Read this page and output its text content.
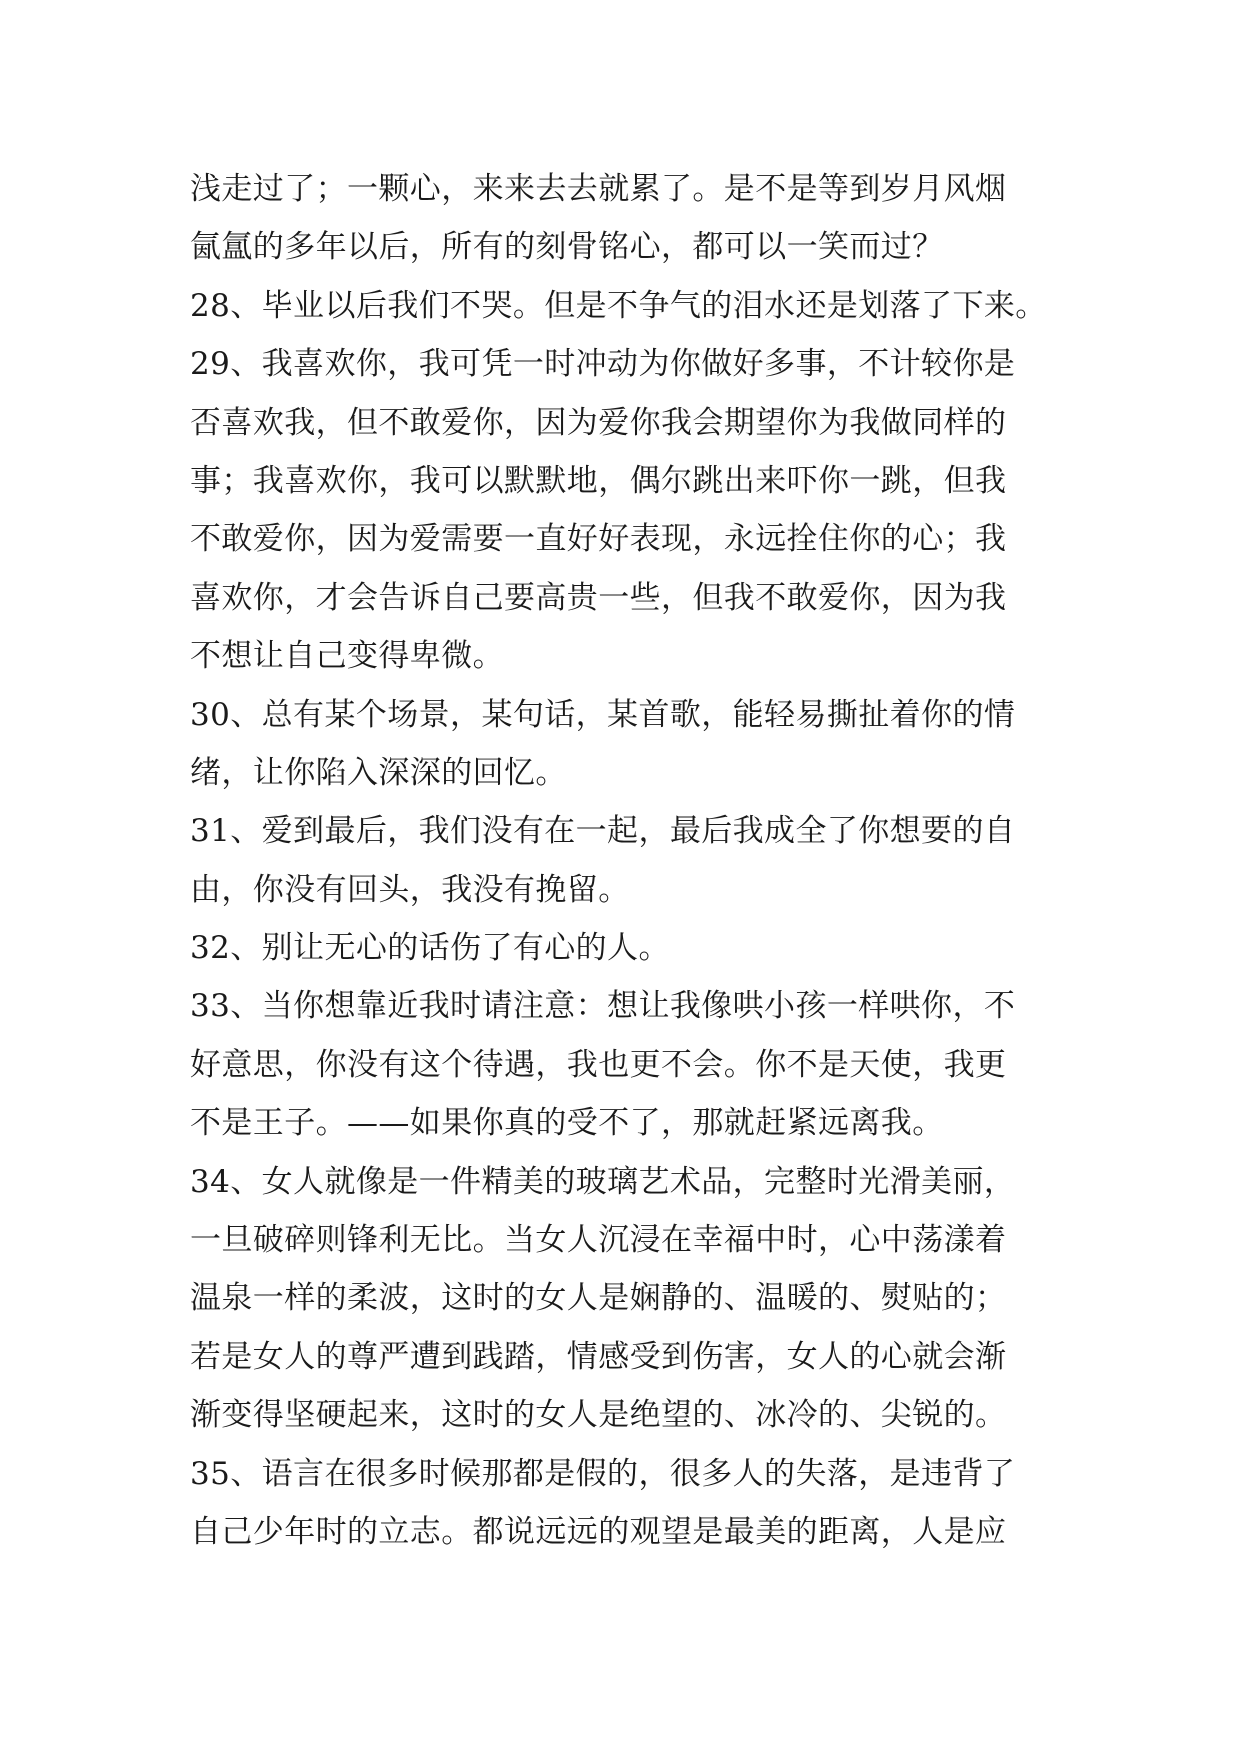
浅走过了；一颗心，来来去去就累了。是不是等到岁月风烟
氤氲的多年以后，所有的刻骨铭心，都可以一笑而过？
28、毕业以后我们不哭。但是不争气的泪水还是划落了下来。
29、我喜欢你，我可凭一时冲动为你做好多事，不计较你是
否喜欢我，但不敢爱你，因为爱你我会期望你为我做同样的
事；我喜欢你，我可以默默地，偶尔跳出来吓你一跳，但我
不敢爱你，因为爱需要一直好好表现，永远拴住你的心；我
喜欢你，才会告诉自己要高贵一些，但我不敢爱你，因为我
不想让自己变得卑微。
30、总有某个场景，某句话，某首歌，能轻易撕扯着你的情
绪，让你陷入深深的回忆。
31、爱到最后，我们没有在一起，最后我成全了你想要的自
由，你没有回头，我没有挽留。
32、别让无心的话伤了有心的人。
33、当你想靠近我时请注意：想让我像哄小孩一样哄你，不
好意思，你没有这个待遇，我也更不会。你不是天使，我更
不是王子。——如果你真的受不了，那就赶紧远离我。
34、女人就像是一件精美的玻璃艺术品，完整时光滑美丽，
一旦破碎则锋利无比。当女人沉浸在幸福中时，心中荡漾着
温泉一样的柔波，这时的女人是娴静的、温暖的、熨贴的；
若是女人的尊严遭到践踏，情感受到伤害，女人的心就会渐
渐变得坚硬起来，这时的女人是绝望的、冰冷的、尖锐的。
35、语言在很多时候那都是假的，很多人的失落，是违背了
自己少年时的立志。都说远远的观望是最美的距离，人是应
